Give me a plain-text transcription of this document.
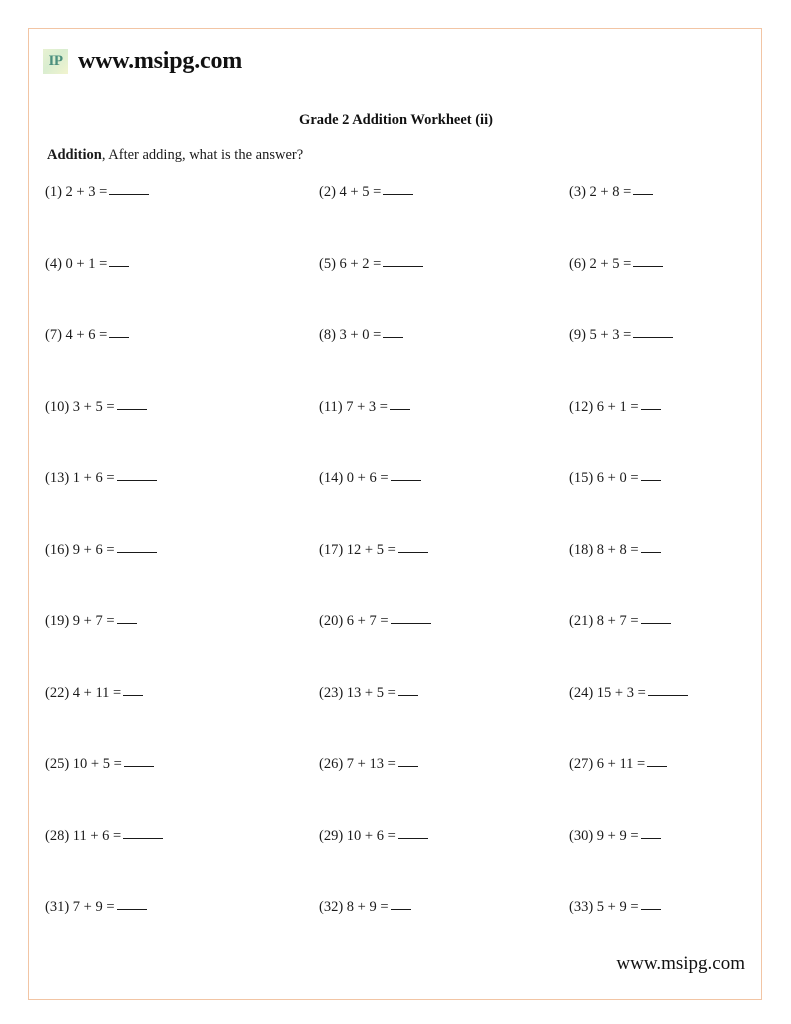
IP www.msipg.com
Grade 2 Addition Workheet (ii)
Addition, After adding, what is the answer?
(1) 2 + 3 =	(2) 4 + 5 =	(3) 2 + 8 =
(4) 0 + 1 =	(5) 6 + 2 =	(6) 2 + 5 =
(7) 4 + 6 =	(8) 3 + 0 =	(9) 5 + 3 =
(10) 3 + 5 =	(11) 7 + 3 =	(12) 6 + 1 =
(13) 1 + 6 =	(14) 0 + 6 =	(15) 6 + 0 =
(16) 9 + 6 =	(17) 12 + 5 =	(18) 8 + 8 =
(19) 9 + 7 =	(20) 6 + 7 =	(21) 8 + 7 =
(22) 4 + 11 =	(23) 13 + 5 =	(24) 15 + 3 =
(25) 10 + 5 =	(26) 7 + 13 =	(27) 6 + 11 =
(28) 11 + 6 =	(29) 10 + 6 =	(30) 9 + 9 =
(31) 7 + 9 =	(32) 8 + 9 =	(33) 5 + 9 =
www.msipg.com
